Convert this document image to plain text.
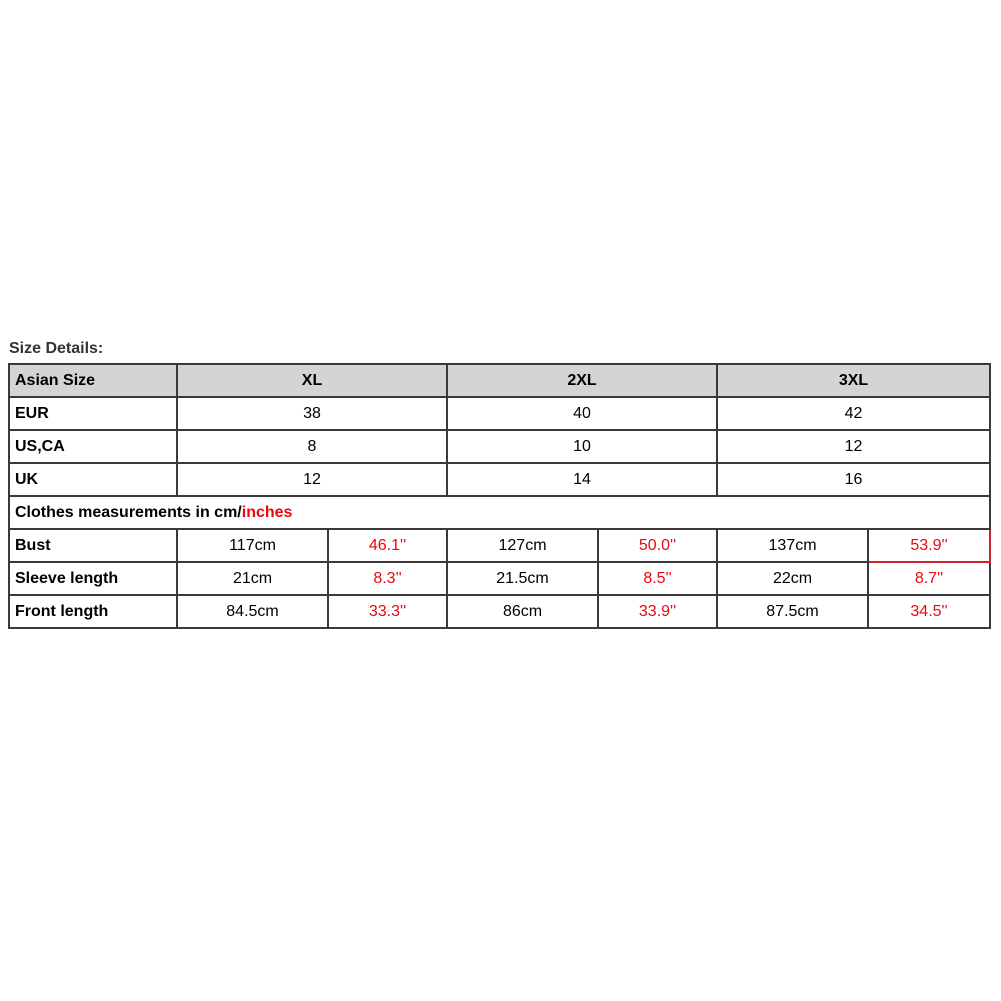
Size Details:
Asian Size	XL		2XL		3XL	
EUR	38		40		42	
US,CA	8		10		12	
UK	12		14		16	
Clothes measurements in cm/inches						
Bust	117cm	46.1''	127cm	50.0''	137cm	53.9''
Sleeve length	21cm	8.3''	21.5cm	8.5''	22cm	8.7''
Front length	84.5cm	33.3''	86cm	33.9''	87.5cm	34.5''
